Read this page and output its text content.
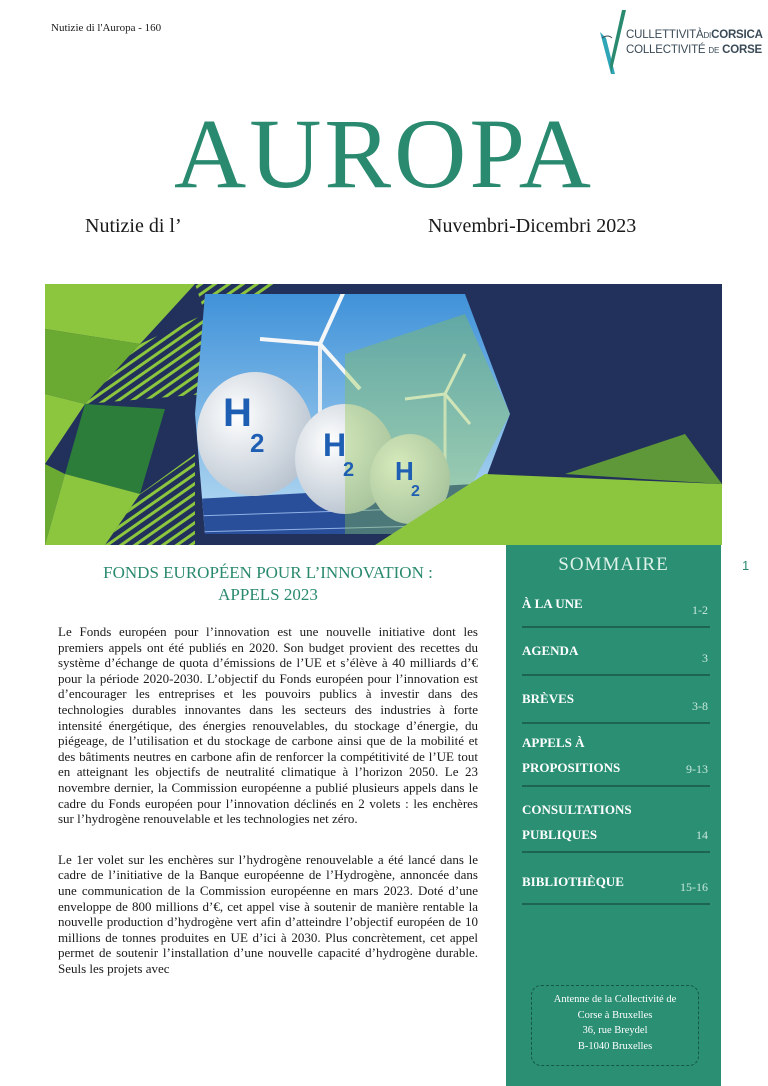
Nutizie di l'Auropa - 160
CULLETTIVITÀDICORSICA
COLLECTIVITÉ DE CORSE
AUROPA
Nutizie di l’	Nuvembri-Dicembri 2023
H
2 H
2 H
2
FONDS EUROPÉEN POUR L’INNOVATION :
APPELS 2023

Le Fonds européen pour l’innovation est une nouvelle initiative dont les premiers appels ont été publiés en 2020. Son budget provient des recettes du système d’échange de quota d’émissions de l’UE et s’élève à 40 milliards d’€ pour la période 2020-2030. L’objectif du Fonds européen pour l’innovation est d’encourager les entreprises et les pouvoirs publics à investir dans des technologies durables innovantes dans les secteurs des industries à forte intensité énergétique, des énergies renouvelables, du stockage d’énergie, du piégeage, de l’utilisation et du stockage de carbone ainsi que de la mobilité et des bâtiments neutres en carbone afin de renforcer la compétitivité de l’UE tout en atteignant les objectifs de neutralité climatique à l’horizon 2050. Le 23 novembre dernier, la Commission européenne a publié plusieurs appels dans le cadre du Fonds européen pour l’innovation déclinés en 2 volets : les enchères sur l’hydrogène renouvelable et les technologies net zéro.

Le 1er volet sur les enchères sur l’hydrogène renouvelable a été lancé dans le cadre de l’initiative de la Banque européenne de l’Hydrogène, annoncée dans une communication de la Commission européenne en mars 2023. Doté d’une enveloppe de 800 millions d’€, cet appel vise à soutenir de manière rentable la nouvelle production d’hydrogène vert afin d’atteindre l’objectif européen de 10 millions de tonnes produites en UE d’ici à 2030. Plus concrètement, cet appel permet de soutenir l’installation d’une nouvelle capacité d’hydrogène durable. Seuls les projets avec

SOMMAIRE
À LA UNE	1-2
AGENDA	3
BRÈVES	3-8
APPELS À
PROPOSITIONS	9-13
CONSULTATIONS
PUBLIQUES	14
BIBLIOTHÈQUE	15-16
Antenne de la Collectivité de
Corse à Bruxelles
36, rue Breydel
B-1040 Bruxelles
1
